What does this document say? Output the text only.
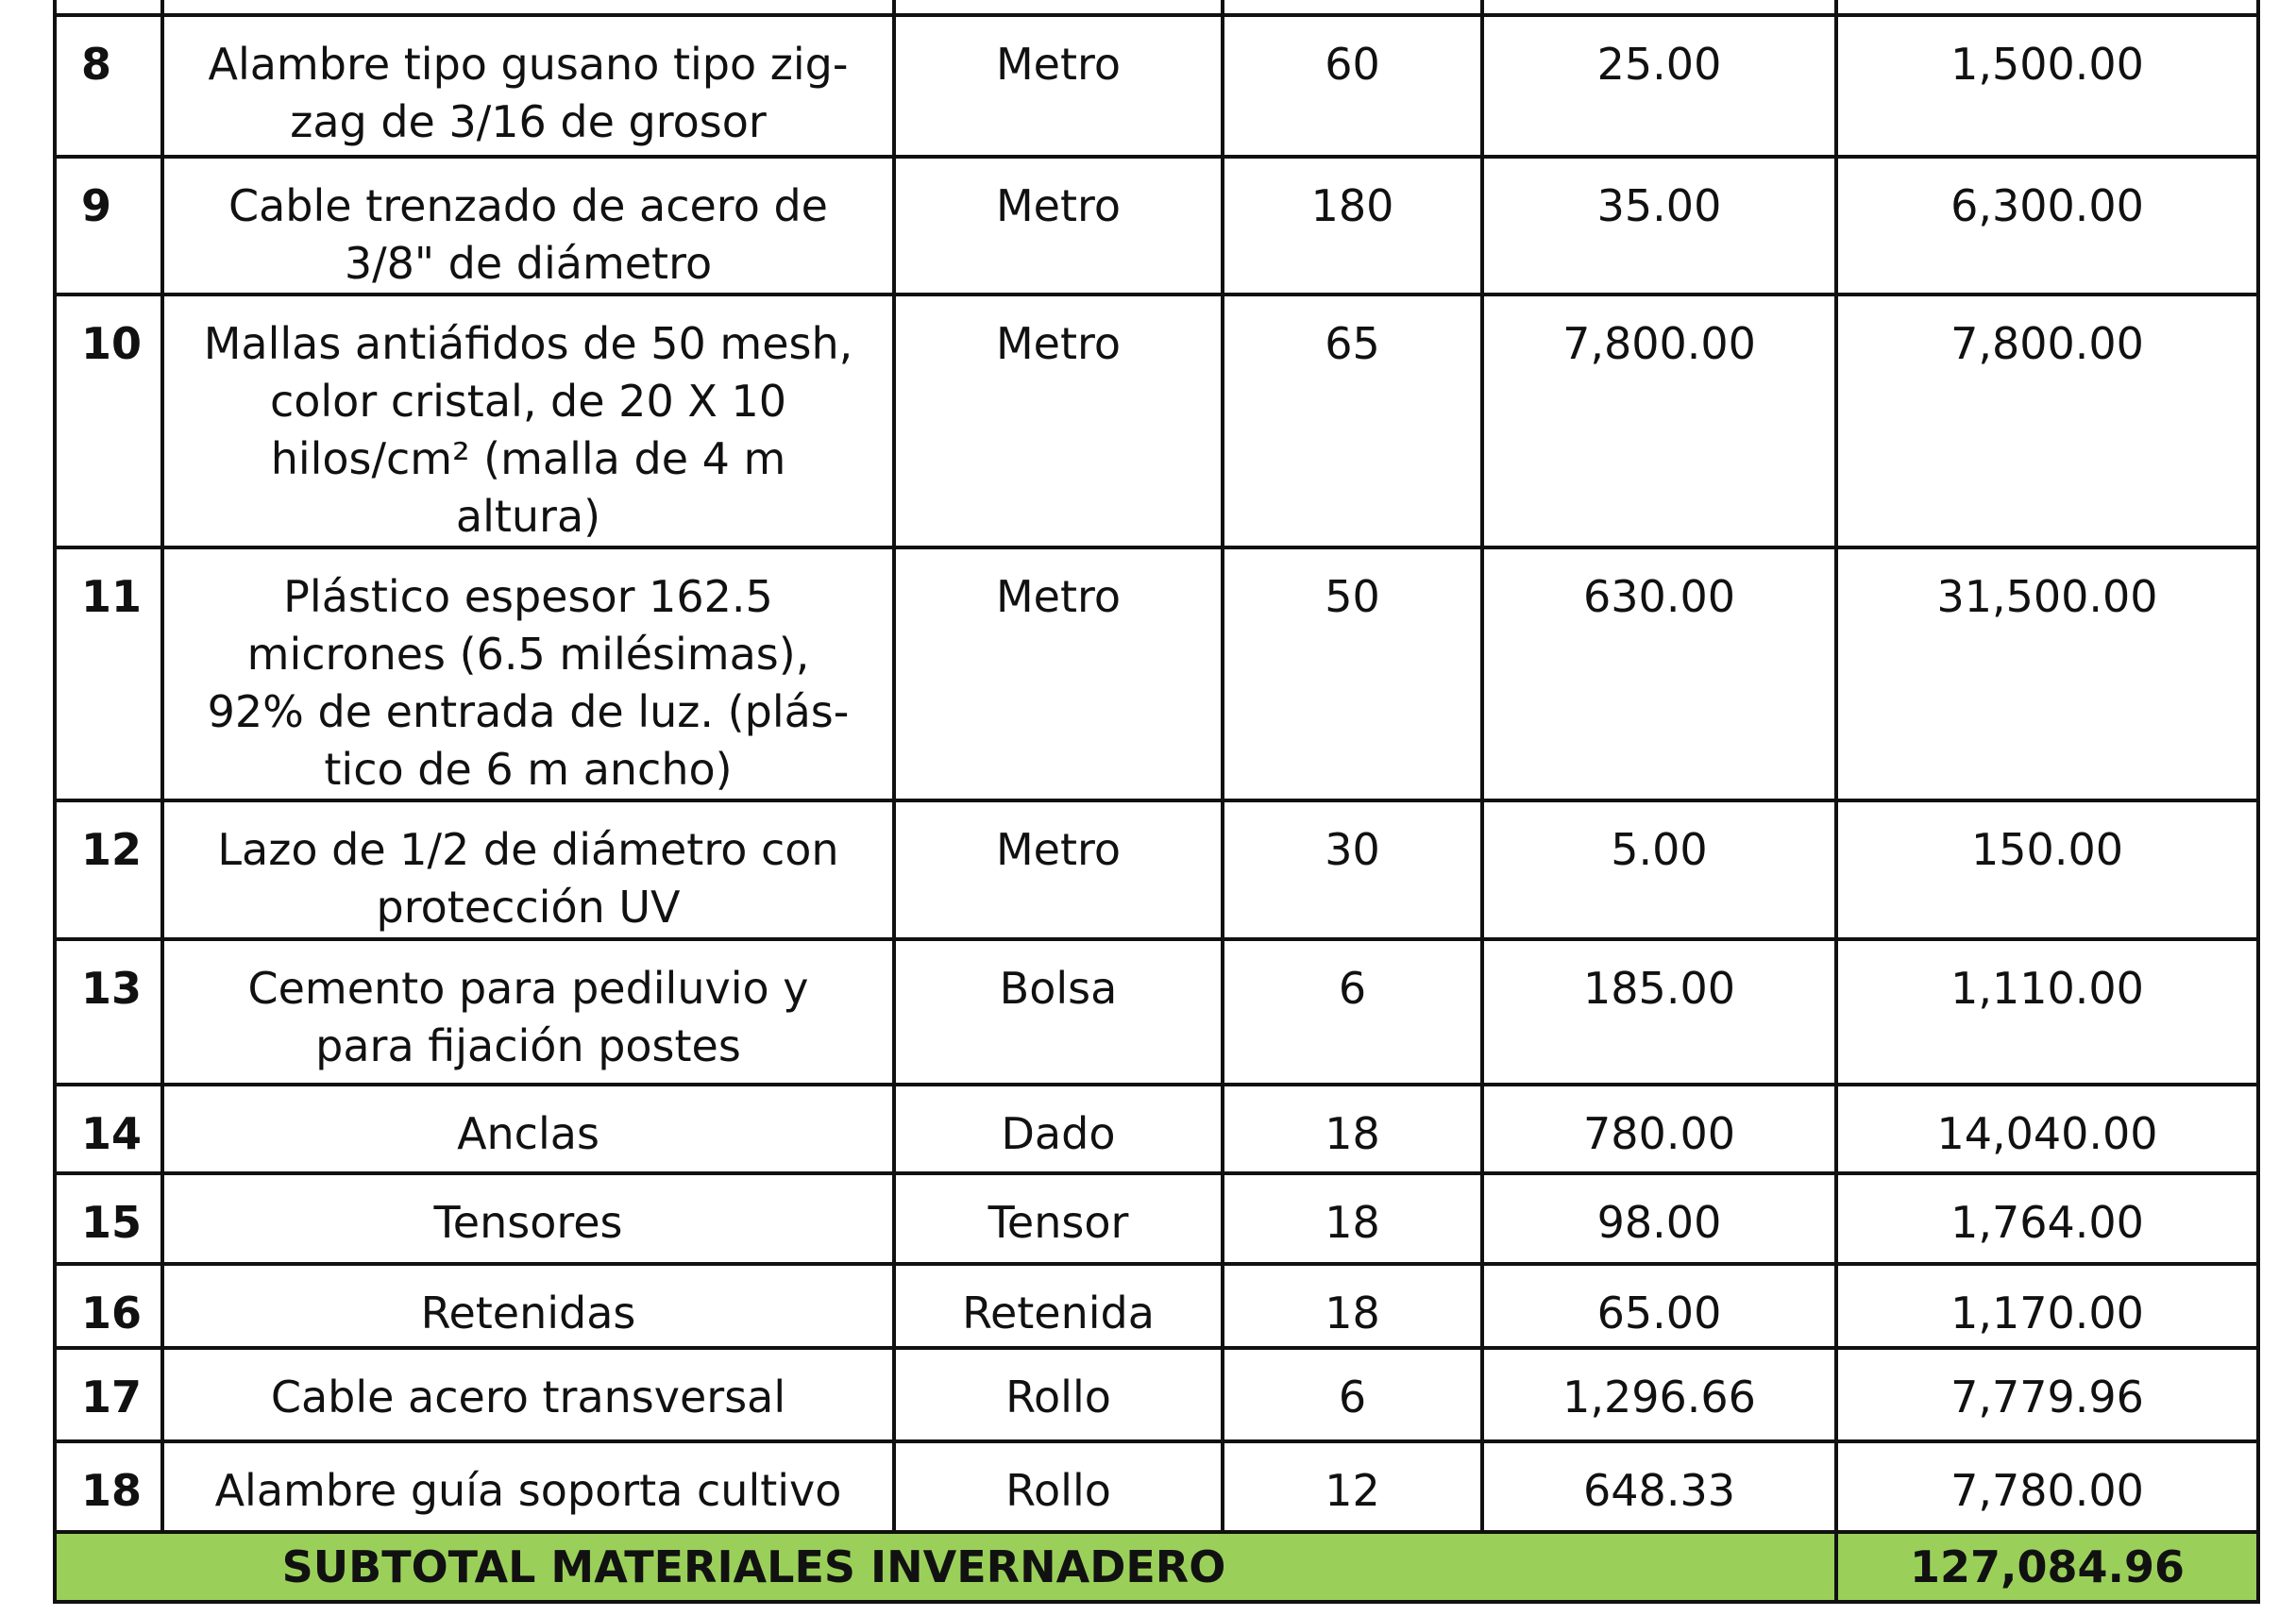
8	Alambre tipo gusano tipo zig-zag de 3/16 de grosor	Metro	60	25.00	1,500.00
9	Cable trenzado de acero de 3/8" de diámetro	Metro	180	35.00	6,300.00
10	Mallas antiáfidos de 50 mesh, color cristal, de 20 X 10 hilos/cm² (malla de 4 m altura)	Metro	65	7,800.00	7,800.00
11	Plástico espesor 162.5 micrones (6.5 milésimas), 92% de entrada de luz. (plás-tico de 6 m ancho)	Metro	50	630.00	31,500.00
12	Lazo de 1/2 de diámetro con protección UV	Metro	30	5.00	150.00
13	Cemento para pediluvio y para fijación postes	Bolsa	6	185.00	1,110.00
14	Anclas	Dado	18	780.00	14,040.00
15	Tensores	Tensor	18	98.00	1,764.00
16	Retenidas	Retenida	18	65.00	1,170.00
17	Cable acero transversal	Rollo	6	1,296.66	7,779.96
18	Alambre guía soporta cultivo	Rollo	12	648.33	7,780.00
SUBTOTAL MATERIALES INVERNADERO					127,084.96
